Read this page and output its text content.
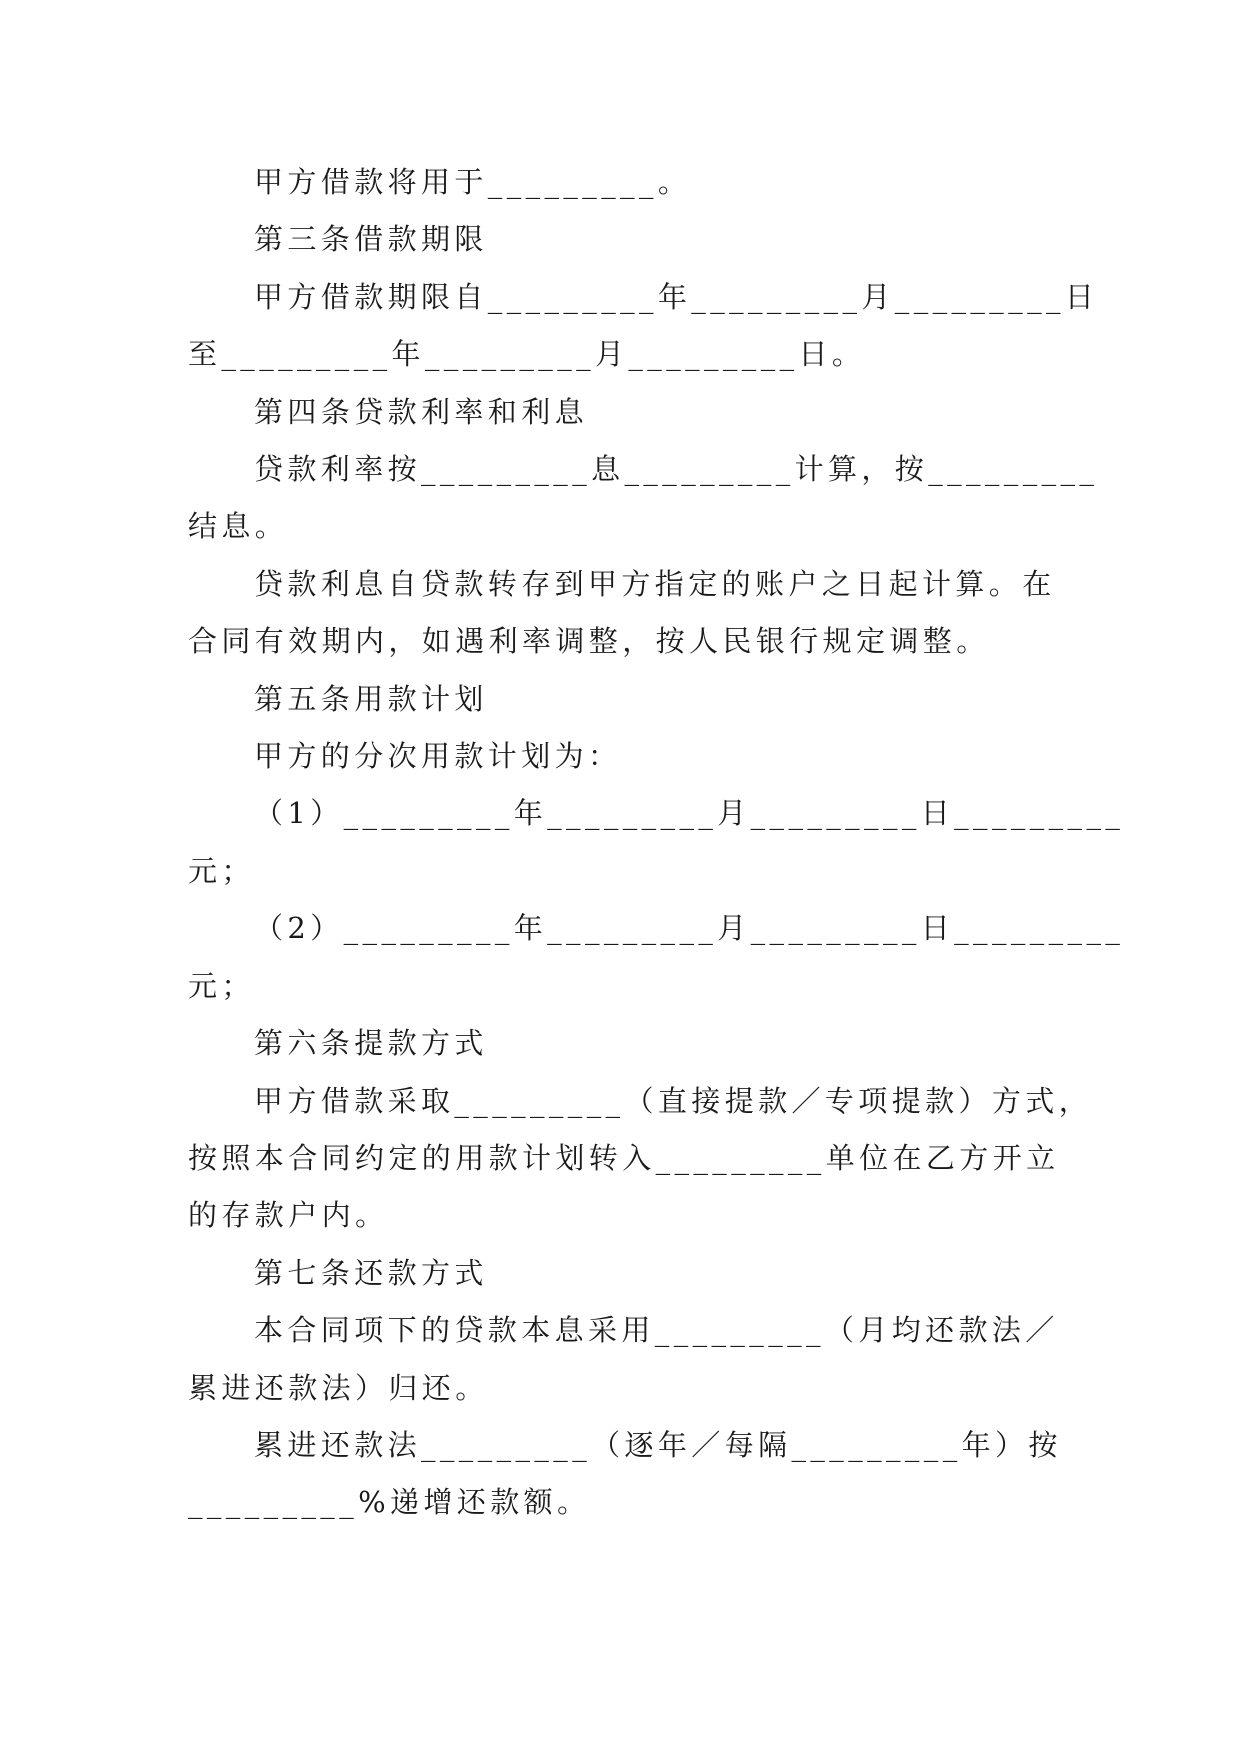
甲方借款将用于_________。

第三条借款期限

甲方借款期限自_________年_________月_________日

至_________年_________月_________日。

第四条贷款利率和利息

贷款利率按_________息_________计算，按_________

结息。

贷款利息自贷款转存到甲方指定的账户之日起计算。在

合同有效期内，如遇利率调整，按人民银行规定调整。

第五条用款计划

甲方的分次用款计划为：

（1）_________年_________月_________日_________

元；

（2）_________年_________月_________日_________

元；

第六条提款方式

甲方借款采取_________（直接提款／专项提款）方式，

按照本合同约定的用款计划转入_________单位在乙方开立

的存款户内。

第七条还款方式

本合同项下的贷款本息采用_________（月均还款法／

累进还款法）归还。

累进还款法_________（逐年／每隔_________年）按

_________%递增还款额。
